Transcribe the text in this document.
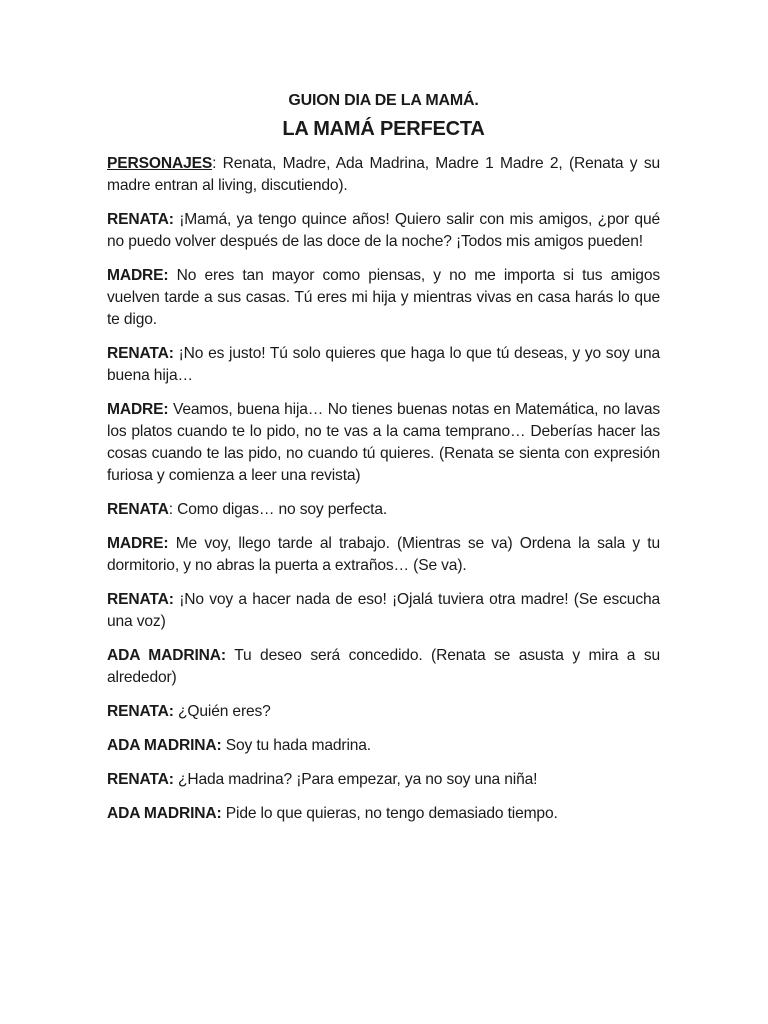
GUION DIA DE LA MAMÁ.
LA MAMÁ PERFECTA

PERSONAJES: Renata, Madre, Ada Madrina, Madre 1 Madre 2, (Renata y su madre entran al living, discutiendo).

RENATA: ¡Mamá, ya tengo quince años! Quiero salir con mis amigos, ¿por qué no puedo volver después de las doce de la noche? ¡Todos mis amigos pueden!

MADRE: No eres tan mayor como piensas, y no me importa si tus amigos vuelven tarde a sus casas. Tú eres mi hija y mientras vivas en casa harás lo que te digo.

RENATA: ¡No es justo! Tú solo quieres que haga lo que tú deseas, y yo soy una buena hija…

MADRE: Veamos, buena hija… No tienes buenas notas en Matemática, no lavas los platos cuando te lo pido, no te vas a la cama temprano… Deberías hacer las cosas cuando te las pido, no cuando tú quieres. (Renata se sienta con expresión furiosa y comienza a leer una revista)

RENATA: Como digas… no soy perfecta.

MADRE: Me voy, llego tarde al trabajo. (Mientras se va) Ordena la sala y tu dormitorio, y no abras la puerta a extraños… (Se va).

RENATA: ¡No voy a hacer nada de eso! ¡Ojalá tuviera otra madre! (Se escucha una voz)

ADA MADRINA: Tu deseo será concedido. (Renata se asusta y mira a su alrededor)

RENATA: ¿Quién eres?

ADA MADRINA: Soy tu hada madrina.

RENATA: ¿Hada madrina? ¡Para empezar, ya no soy una niña!

ADA MADRINA: Pide lo que quieras, no tengo demasiado tiempo.
